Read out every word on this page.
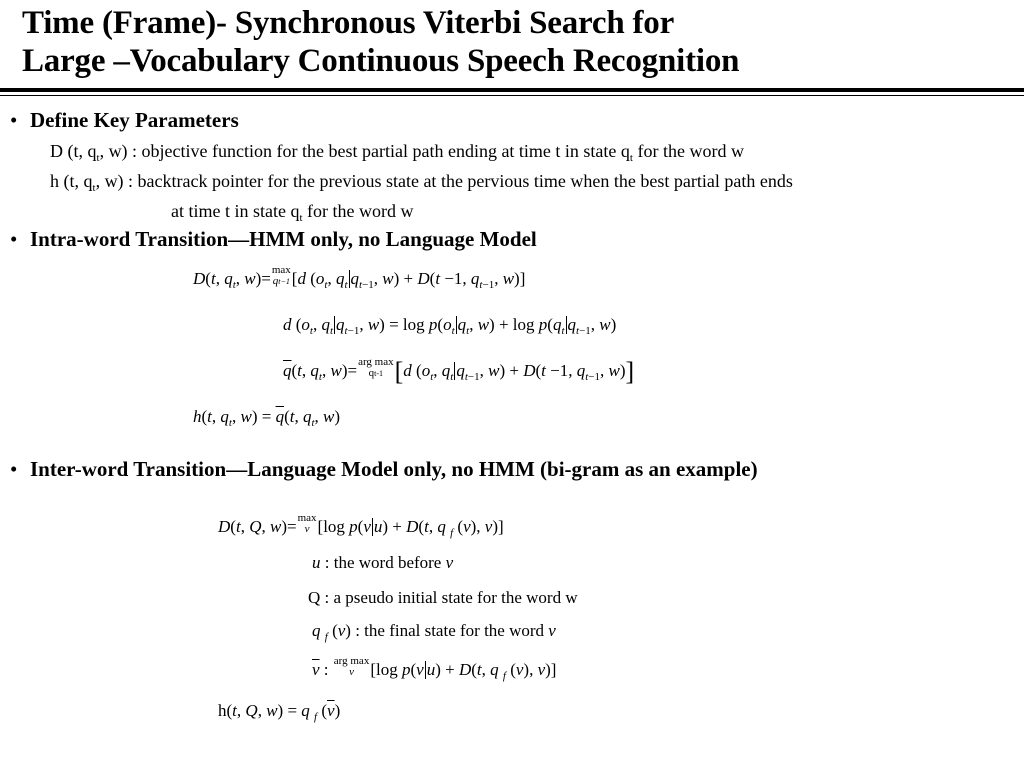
Time (Frame)- Synchronous Viterbi Search for
Large –Vocabulary Continuous Speech Recognition
• Define Key Parameters
D (t, $q_t$, w) : objective function for the best partial path ending at time t in state $q_t$ for the word w
h (t, $q_t$, w) : backtrack pointer for the previous state at the pervious time when the best partial path ends
at time t in state $q_t$ for the word w
• Intra-word Transition—HMM only, no Language Model
D(t, $q_t$, w)= max
qt−1 [d ($o_t$, $q_t$ $q_{t-1}$, w) + D(t −1, $q_{t-1}$, w)]
d ($o_t$, $q_t$ $q_{t-1}$, $w) = \log p(o_t$ $q_t$, $w) + \log p(q_t$ $q_{t-1}$, w)
$\overline{q}(t$, $q_t$, w)= arg max
qt-1 [d ($o_t$, $q_t$ $q_{t-1}$, w) + D(t −1, $q_{t-1}$, w)]
h(t, $q_t$, $w) = \overline{q}(t$, $q_t$, w)
• Inter-word Transition—Language Model only, no HMM (bi-gram as an example)
D(t, Q, w)= max
v [log p(v u) + D(t, q $_f$ (v), v)]
u : the word before v
Q : a pseudo initial state for the word w
q $_f$ (v) : the final state for the word v
$\overline{v}$ : arg max
v [log p(v u) + D(t, q $_f$ (v), v)]
h(t, Q, w) = q $_f$ $(\overline{v})$
